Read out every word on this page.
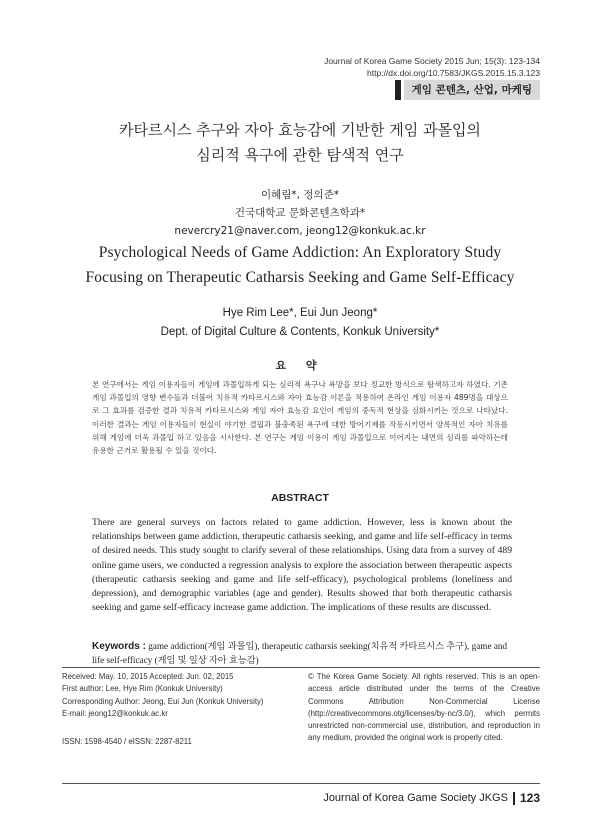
Journal of Korea Game Society 2015 Jun; 15(3): 123-134
http://dx.doi.org/10.7583/JKGS.2015.15.3.123
게임 콘텐츠, 산업, 마케팅
카타르시스 추구와 자아 효능감에 기반한 게임 과몰입의
심리적 욕구에 관한 탐색적 연구
이혜림*, 정의준*
건국대학교 문화콘텐츠학과*
nevercry21@naver.com, jeong12@konkuk.ac.kr
Psychological Needs of Game Addiction: An Exploratory Study
Focusing on Therapeutic Catharsis Seeking and Game Self-Efficacy
Hye Rim Lee*, Eui Jun Jeong*
Dept. of Digital Culture & Contents, Konkuk University*
요 약
본 연구에서는 게임 이용자들이 게임에 과몰입하게 되는 심리적 욕구나 욕망을 보다 정교한 방식으로 탐색하고자 하였다. 기존 게임 과몰입의 영향 변수들과 더불어 치유적 카타르시스와 자아 효능감 이론을 적용하여 온라인 게임 이용자 489명을 대상으로 그 효과를 검증한 결과 치유적 카타르시스와 게임 자아 효능감 요인이 게임의 중독적 현상을 심화시키는 것으로 나타났다. 이러한 결과는 게임 이용자들이 현실이 야기한 결핍과 불충족된 욕구에 대한 방어기제를 작동시키면서 양록적인 자아 치유를 위해 게임에 더욱 과몰입 하고 있음을 시사한다. 본 연구는 게임 이용이 게임 과몰입으로 이어지는 내면의 심리를 파악하는데 유용한 근거로 활용될 수 있을 것이다.
ABSTRACT
There are general surveys on factors related to game addiction. However, less is known about the relationships between game addiction, therapeutic catharsis seeking, and game and life self-efficacy in terms of desired needs. This study sought to clarify several of these relationships. Using data from a survey of 489 online game users, we conducted a regression analysis to explore the association between therapeutic aspects (therapeutic catharsis seeking and game and life self-efficacy), psychological problems (loneliness and depression), and demographic variables (age and gender). Results showed that both therapeutic catharsis seeking and game self-efficacy increase game addiction. The implications of these results are discussed.
Keywords : game addiction(게임 과몰입), therapeutic catharsis seeking(치유적 카타르시스 추구), game and life self-efficacy (게임 및 일상 자아 효능감)
Received: May. 10, 2015 Accepted: Jun. 02, 2015
First author: Lee, Hye Rim (Konkuk University)
Corresponding Author: Jeong, Eui Jun (Konkuk University)
E-mail: jeong12@konkuk.ac.kr
ISSN: 1598-4540 / eISSN: 2287-8211
© The Korea Game Society. All rights reserved. This is an open-access article distributed under the terms of the Creative Commons Attribution Non-Commercial License (http://creativecommons.otg/licenses/by-nc/3.0/), which permits unrestricted non-commercial use, distribution, and reproduction in any medium, provided the original work is properly cited.
Journal of Korea Game Society JKGS 123
